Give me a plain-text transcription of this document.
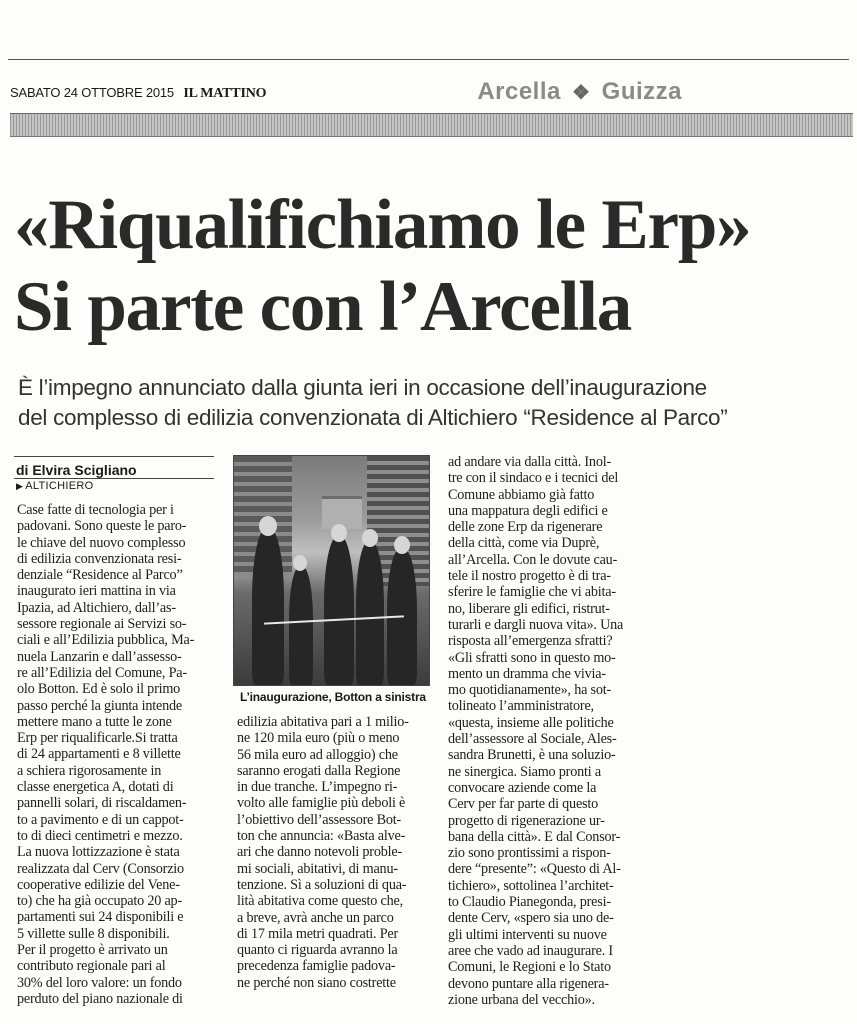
SABATO 24 OTTOBRE 2015 IL MATTINO	Arcella ❖ Guizza
«Riqualifichiamo le Erp»
Si parte con l’Arcella
È l’impegno annunciato dalla giunta ieri in occasione dell’inaugurazione
del complesso di edilizia convenzionata di Altichiero “Residence al Parco”
di Elvira Scigliano
▶ ALTICHIERO
Case fatte di tecnologia per i
padovani. Sono queste le paro-
le chiave del nuovo complesso
di edilizia convenzionata resi-
denziale “Residence al Parco”
inaugurato ieri mattina in via
Ipazia, ad Altichiero, dall’as-
sessore regionale ai Servizi so-
ciali e all’Edilizia pubblica, Ma-
nuela Lanzarin e dall’assesso-
re all’Edilizia del Comune, Pa-
olo Botton. Ed è solo il primo
passo perché la giunta intende
mettere mano a tutte le zone
Erp per riqualificarle.Si tratta
di 24 appartamenti e 8 villette
a schiera rigorosamente in
classe energetica A, dotati di
pannelli solari, di riscaldamen-
to a pavimento e di un cappot-
to di dieci centimetri e mezzo.
La nuova lottizzazione è stata
realizzata dal Cerv (Consorzio
cooperative edilizie del Vene-
to) che ha già occupato 20 ap-
partamenti sui 24 disponibili e
5 villette sulle 8 disponibili.
Per il progetto è arrivato un
contributo regionale pari al
30% del loro valore: un fondo
perduto del piano nazionale di
L’inaugurazione, Botton a sinistra
edilizia abitativa pari a 1 milio-
ne 120 mila euro (più o meno
56 mila euro ad alloggio) che
saranno erogati dalla Regione
in due tranche. L’impegno ri-
volto alle famiglie più deboli è
l’obiettivo dell’assessore Bot-
ton che annuncia: «Basta alve-
ari che danno notevoli proble-
mi sociali, abitativi, di manu-
tenzione. Sì a soluzioni di qua-
lità abitativa come questo che,
a breve, avrà anche un parco
di 17 mila metri quadrati. Per
quanto ci riguarda avranno la
precedenza famiglie padova-
ne perché non siano costrette
ad andare via dalla città. Inol-
tre con il sindaco e i tecnici del
Comune abbiamo già fatto
una mappatura degli edifici e
delle zone Erp da rigenerare
della città, come via Duprè,
all’Arcella. Con le dovute cau-
tele il nostro progetto è di tra-
sferire le famiglie che vi abita-
no, liberare gli edifici, ristrut-
turarli e dargli nuova vita». Una
risposta all’emergenza sfratti?
«Gli sfratti sono in questo mo-
mento un dramma che vivia-
mo quotidianamente», ha sot-
tolineato l’amministratore,
«questa, insieme alle politiche
dell’assessore al Sociale, Ales-
sandra Brunetti, è una soluzio-
ne sinergica. Siamo pronti a
convocare aziende come la
Cerv per far parte di questo
progetto di rigenerazione ur-
bana della città». E dal Consor-
zio sono prontissimi a rispon-
dere “presente”: «Questo di Al-
tichiero», sottolinea l’architet-
to Claudio Pianegonda, presi-
dente Cerv, «spero sia uno de-
gli ultimi interventi su nuove
aree che vado ad inaugurare. I
Comuni, le Regioni e lo Stato
devono puntare alla rigenera-
zione urbana del vecchio».
